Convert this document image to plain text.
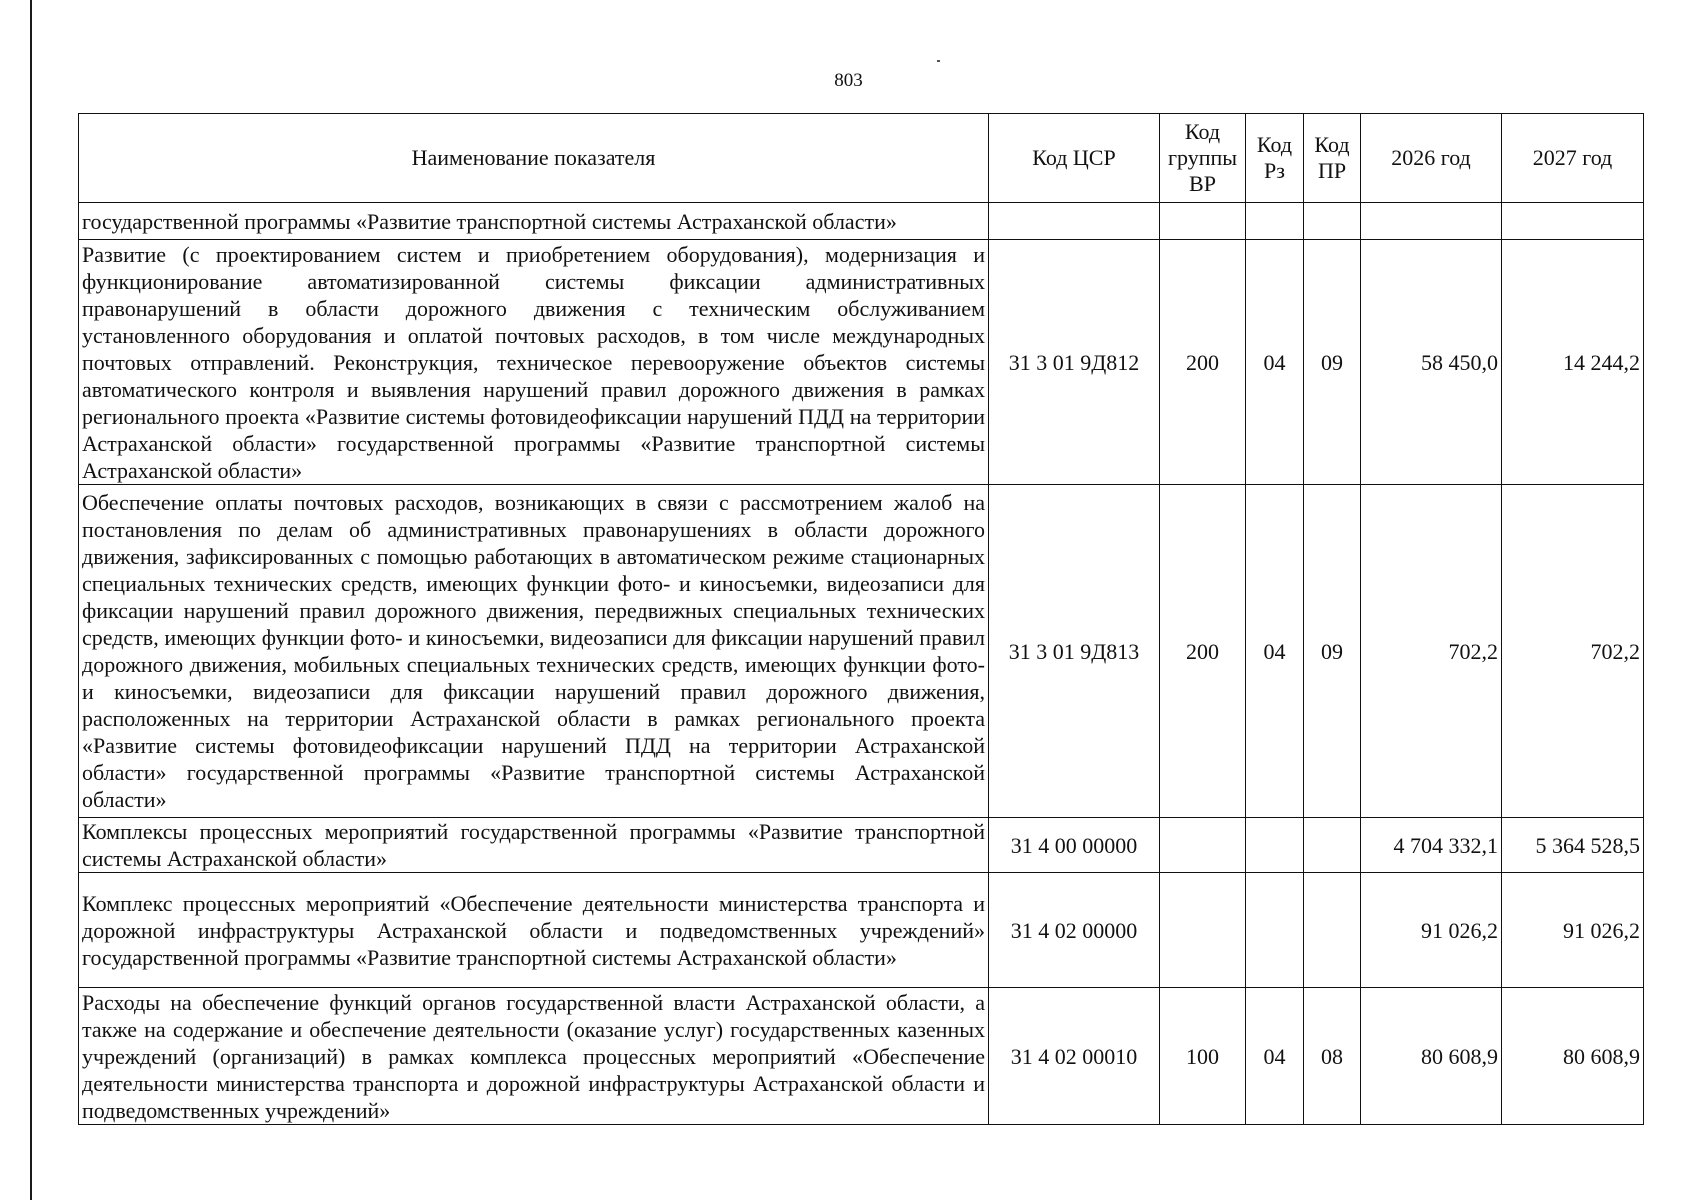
803
Наименование показателя	Код ЦСР	Код группы ВР	Код Рз	Код ПР	2026 год	2027 год
государственной программы «Развитие транспортной системы Астраханской области»						
Развитие (с проектированием систем и приобретением оборудования), модернизация и функционирование автоматизированной системы фиксации административных правонарушений в области дорожного движения с техническим обслуживанием установленного оборудования и оплатой почтовых расходов, в том числе международных почтовых отправлений. Реконструкция, техническое перевооружение объектов системы автоматического контроля и выявления нарушений правил дорожного движения в рамках регионального проекта «Развитие системы фотовидеофиксации нарушений ПДД на территории Астраханской области» государственной программы «Развитие транспортной системы Астраханской области»	31 3 01 9Д812	200	04	09	58 450,0	14 244,2
Обеспечение оплаты почтовых расходов, возникающих в связи с рассмотрением жалоб на постановления по делам об административных правонарушениях в области дорожного движения, зафиксированных с помощью работающих в автоматическом режиме стационарных специальных технических средств, имеющих функции фото- и киносъемки, видеозаписи для фиксации нарушений правил дорожного движения, передвижных специальных технических средств, имеющих функции фото- и киносъемки, видеозаписи для фиксации нарушений правил дорожного движения, мобильных специальных технических средств, имеющих функции фото- и киносъемки, видеозаписи для фиксации нарушений правил дорожного движения, расположенных на территории Астраханской области в рамках регионального проекта «Развитие системы фотовидеофиксации нарушений ПДД на территории Астраханской области» государственной программы «Развитие транспортной системы Астраханской области»	31 3 01 9Д813	200	04	09	702,2	702,2
Комплексы процессных мероприятий государственной программы «Развитие транспортной системы Астраханской области»	31 4 00 00000				4 704 332,1	5 364 528,5
Комплекс процессных мероприятий «Обеспечение деятельности министерства транспорта и дорожной инфраструктуры Астраханской области и подведомственных учреждений» государственной программы «Развитие транспортной системы Астраханской области»	31 4 02 00000				91 026,2	91 026,2
Расходы на обеспечение функций органов государственной власти Астраханской области, а также на содержание и обеспечение деятельности (оказание услуг) государственных казенных учреждений (организаций) в рамках комплекса процессных мероприятий «Обеспечение деятельности министерства транспорта и дорожной инфраструктуры Астраханской области и подведомственных учреждений»	31 4 02 00010	100	04	08	80 608,9	80 608,9
